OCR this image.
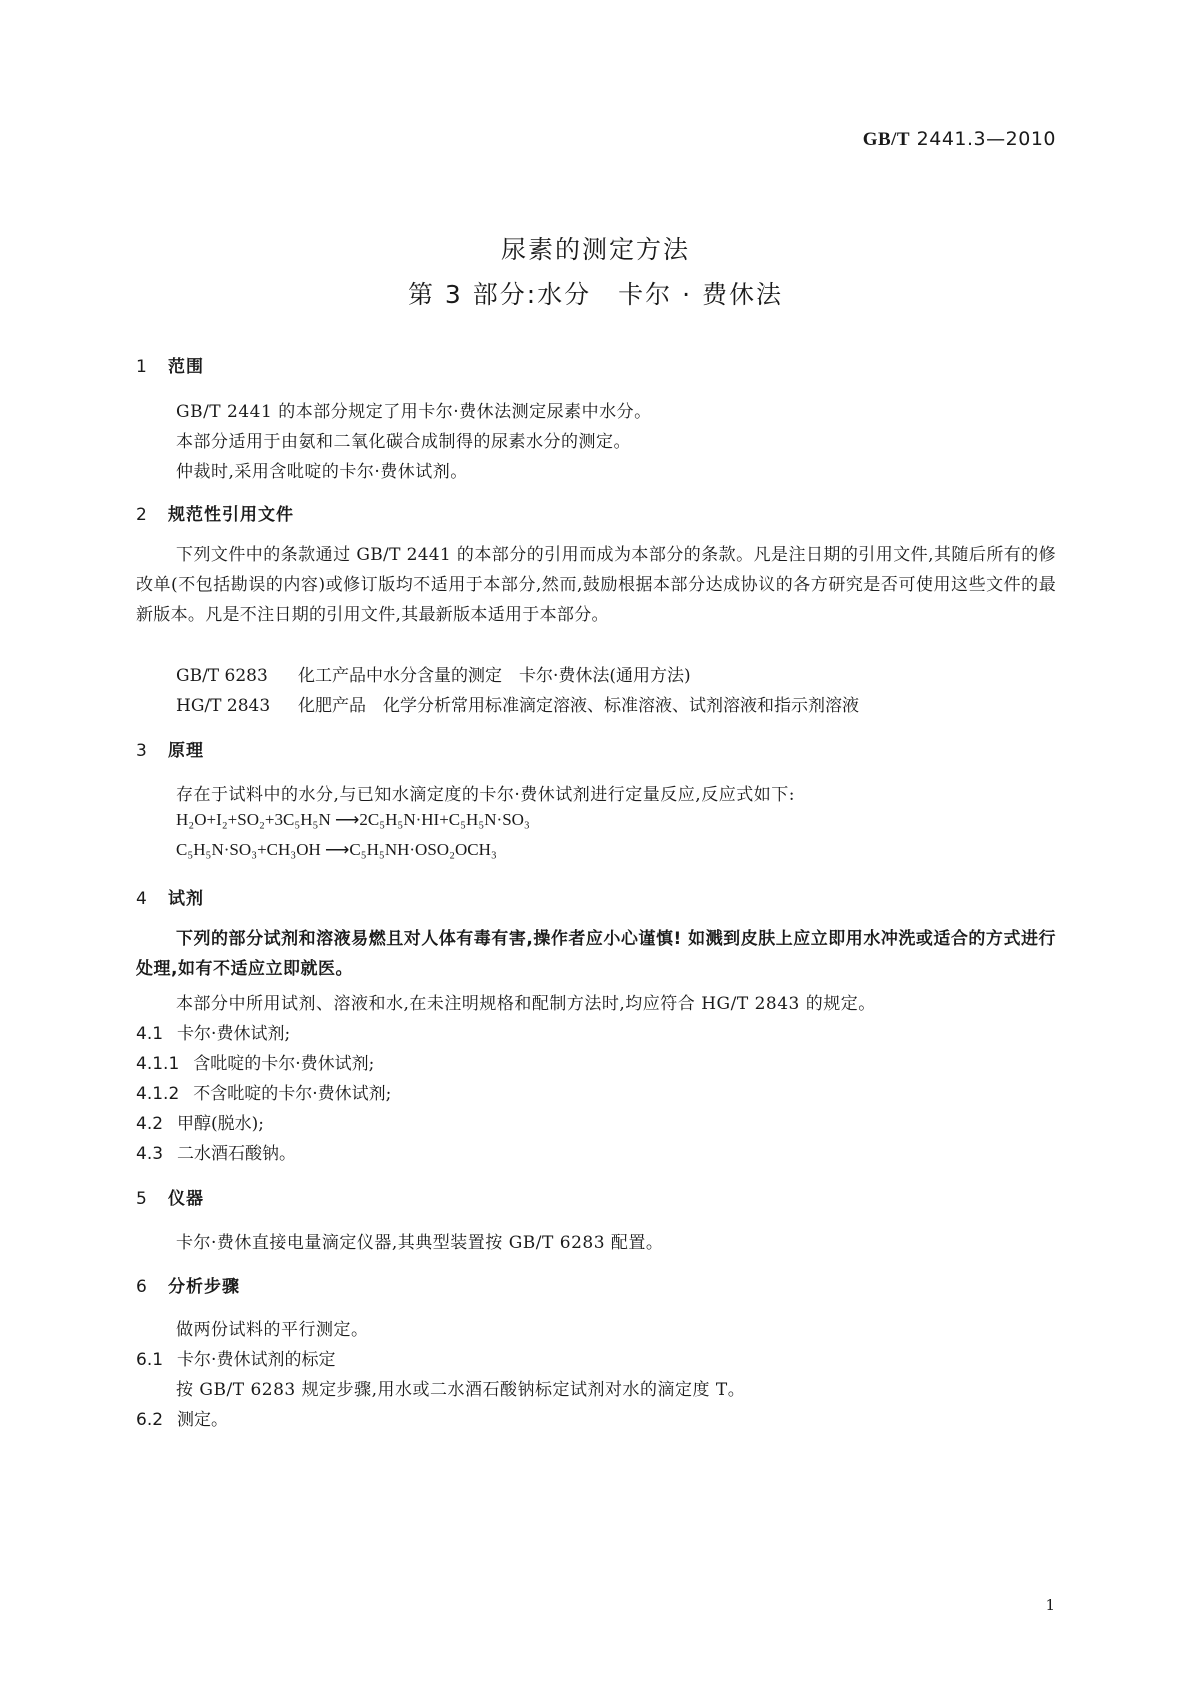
GB/T 2441.3—2010
尿素的测定方法
第 3 部分:水分　卡尔 · 费休法
1 范围
GB/T 2441 的本部分规定了用卡尔·费休法测定尿素中水分。
本部分适用于由氨和二氧化碳合成制得的尿素水分的测定。
仲裁时,采用含吡啶的卡尔·费休试剂。
2 规范性引用文件
下列文件中的条款通过 GB/T 2441 的本部分的引用而成为本部分的条款。凡是注日期的引用文件,其随后所有的修改单(不包括勘误的内容)或修订版均不适用于本部分,然而,鼓励根据本部分达成协议的各方研究是否可使用这些文件的最新版本。凡是不注日期的引用文件,其最新版本适用于本部分。
GB/T 6283 化工产品中水分含量的测定　卡尔·费休法(通用方法)
HG/T 2843 化肥产品　化学分析常用标准滴定溶液、标准溶液、试剂溶液和指示剂溶液
3 原理
存在于试料中的水分,与已知水滴定度的卡尔·费休试剂进行定量反应,反应式如下:
H₂O+I₂+SO₂+3C₅H₅N ⟶2C₅H₅N·HI+C₅H₅N·SO₃
C₅H₅N·SO₃+CH₃OH ⟶C₅H₅NH·OSO₂OCH₃
4 试剂
下列的部分试剂和溶液易燃且对人体有毒有害,操作者应小心谨慎! 如溅到皮肤上应立即用水冲洗或适合的方式进行处理,如有不适应立即就医。
本部分中所用试剂、溶液和水,在未注明规格和配制方法时,均应符合 HG/T 2843 的规定。
4.1 卡尔·费休试剂;
4.1.1 含吡啶的卡尔·费休试剂;
4.1.2 不含吡啶的卡尔·费休试剂;
4.2 甲醇(脱水);
4.3 二水酒石酸钠。
5 仪器
卡尔·费休直接电量滴定仪器,其典型装置按 GB/T 6283 配置。
6 分析步骤
做两份试料的平行测定。
6.1 卡尔·费休试剂的标定
按 GB/T 6283 规定步骤,用水或二水酒石酸钠标定试剂对水的滴定度 T。
6.2 测定。
1
